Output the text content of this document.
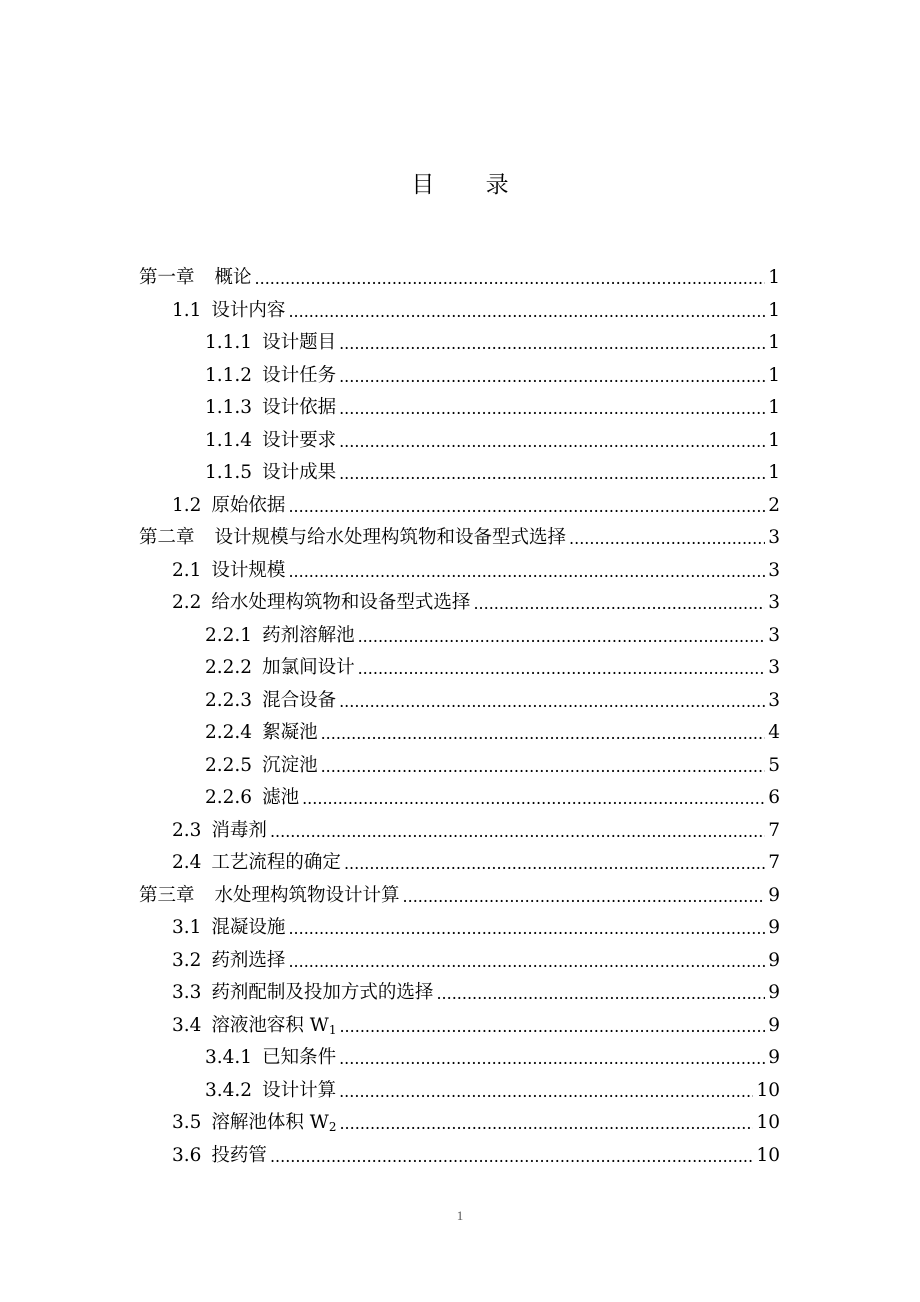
目 录
第一章 概论 .....	1
1.1 设计内容 .....	1
1.1.1 设计题目 .....	1
1.1.2 设计任务 .....	1
1.1.3 设计依据 .....	1
1.1.4 设计要求 .....	1
1.1.5 设计成果 .....	1
1.2 原始依据 .....	2
第二章 设计规模与给水处理构筑物和设备型式选择 .....	3
2.1 设计规模 .....	3
2.2 给水处理构筑物和设备型式选择 .....	3
2.2.1 药剂溶解池 .....	3
2.2.2 加氯间设计 .....	3
2.2.3 混合设备 .....	3
2.2.4 絮凝池 .....	4
2.2.5 沉淀池 .....	5
2.2.6 滤池 .....	6
2.3 消毒剂 .....	7
2.4 工艺流程的确定 .....	7
第三章 水处理构筑物设计计算 .....	9
3.1 混凝设施 .....	9
3.2 药剂选择 .....	9
3.3 药剂配制及投加方式的选择 .....	9
3.4 溶液池容积 $W_1$ .....	9
3.4.1 已知条件 .....	9
3.4.2 设计计算 .....	10
3.5 溶解池体积 $W_2$ .....	10
3.6 投药管 .....	10
1
